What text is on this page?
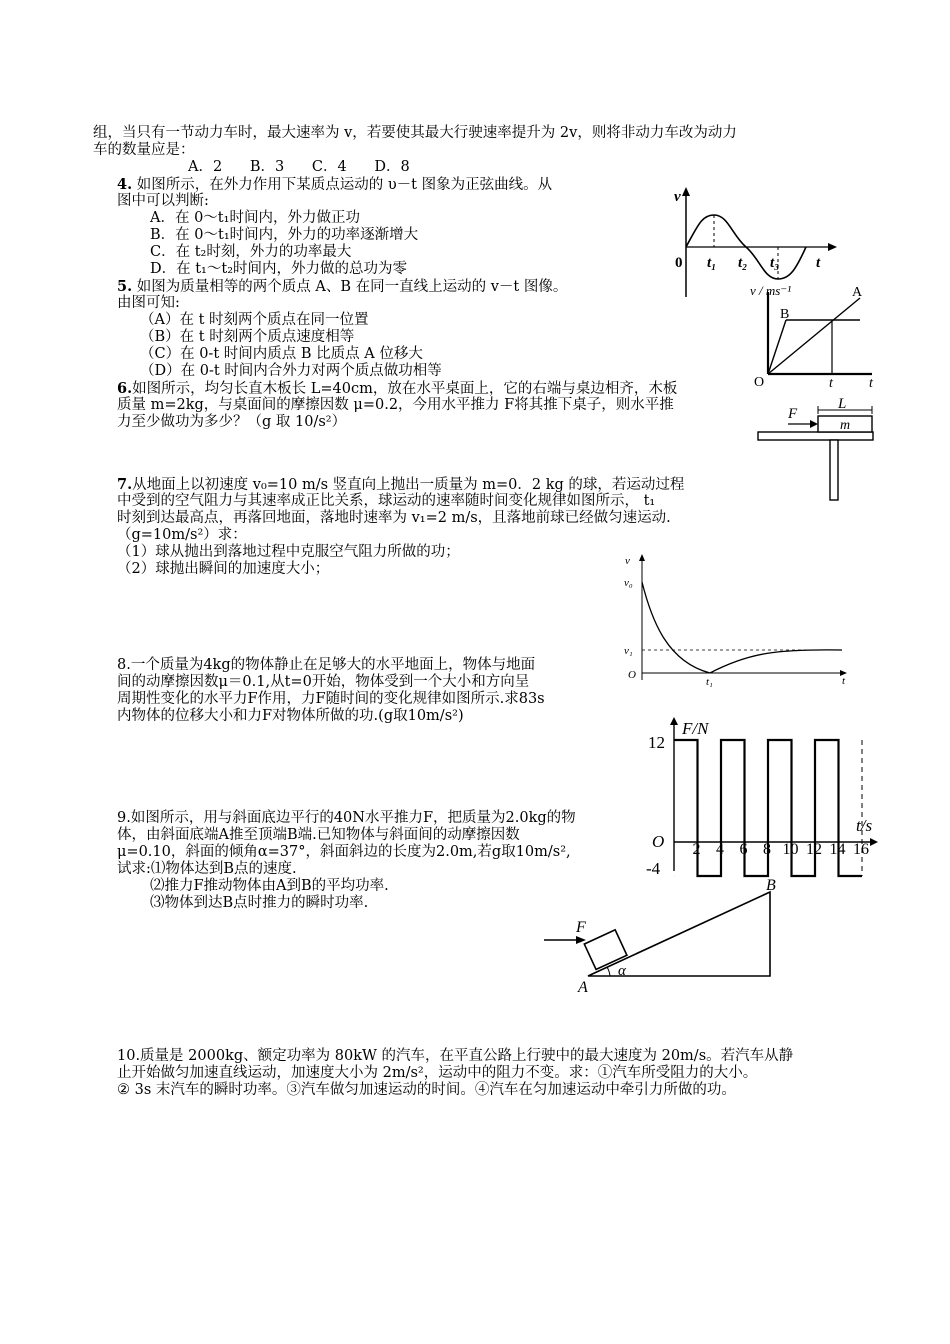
组，当只有一节动力车时，最大速率为 v，若要使其最大行驶速率提升为 2v，则将非动力车改为动力
车的数量应是：
A．2      B．3      C．4      D．8
4. 如图所示，在外力作用下某质点运动的 υ－t 图象为正弦曲线。从
图中可以判断:
A．在 0～t₁时间内，外力做正功
B．在 0～t₁时间内，外力的功率逐渐增大
C．在 t₂时刻，外力的功率最大
D．在 t₁～t₂时间内，外力做的总功为零
v
0 t₁ t₂ t₃ t
5. 如图为质量相等的两个质点 A、B 在同一直线上运动的 v－t 图像。
由图可知:
（A）在 t 时刻两个质点在同一位置
（B）在 t 时刻两个质点速度相等
（C）在 0-t 时间内质点 B 比质点 A 位移大
（D）在 0-t 时间内合外力对两个质点做功相等
v / ms⁻¹	A
B
O	t	t
6.如图所示，均匀长直木板长 L=40cm，放在水平桌面上，它的右端与桌边相齐，木板
质量 m=2kg，与桌面间的摩擦因数 μ=0.2，今用水平推力 F将其推下桌子，则水平推
力至少做功为多少？（g 取 10/s²）	F
L
m
7.从地面上以初速度 v₀=10 m/s 竖直向上抛出一质量为 m=0．2 kg 的球，若运动过程
中受到的空气阻力与其速率成正比关系，球运动的速率随时间变化规律如图所示， t₁
时刻到达最高点，再落回地面，落地时速率为 v₁=2 m/s，且落地前球已经做匀速运动.
（g=10m/s²）求：
（1）球从抛出到落地过程中克服空气阻力所做的功；
（2）球抛出瞬间的加速度大小；	v
v₀
v₁
O
t₁	t
8.一个质量为4kg的物体静止在足够大的水平地面上，物体与地面
间的动摩擦因数μ＝0.1,从t=0开始，物体受到一个大小和方向呈
周期性变化的水平力F作用，力F随时间的变化规律如图所示.求83s
内物体的位移大小和力F对物体所做的功.(g取10m/s²)
2 4 6 8 10 12 14 16
12
-4
O
F/N
t/s
9.如图所示，用与斜面底边平行的40N水平推力F，把质量为2.0kg的物
体，由斜面底端A推至顶端B端.已知物体与斜面间的动摩擦因数
μ=0.10，斜面的倾角α=37°，斜面斜边的长度为2.0m,若g取10m/s²,
试求:⑴物体达到B点的速度.
⑵推力F推动物体由A到B的平均功率.
⑶物体到达B点时推力的瞬时功率.
F
α
A
B
10.质量是 2000kg、额定功率为 80kW 的汽车，在平直公路上行驶中的最大速度为 20m/s。若汽车从静
止开始做匀加速直线运动，加速度大小为 2m/s²，运动中的阻力不变。求：①汽车所受阻力的大小。
② 3s 末汽车的瞬时功率。③汽车做匀加速运动的时间。④汽车在匀加速运动中牵引力所做的功。
